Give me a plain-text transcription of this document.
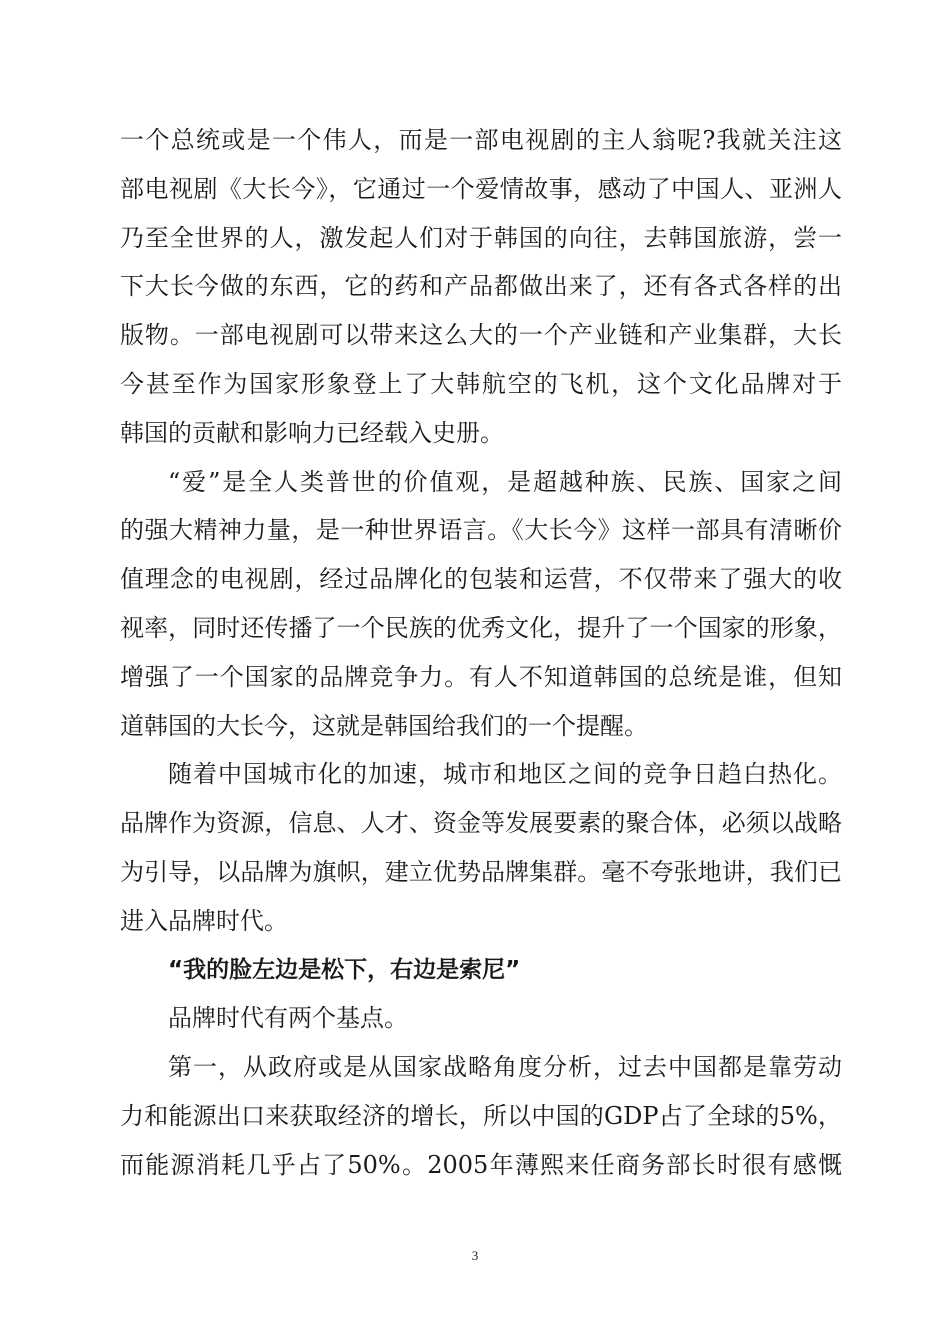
一个总统或是一个伟人，而是一部电视剧的主人翁呢?我就关注这
部电视剧《大长今》，它通过一个爱情故事，感动了中国人、亚洲人
乃至全世界的人，激发起人们对于韩国的向往，去韩国旅游，尝一
下大长今做的东西，它的药和产品都做出来了，还有各式各样的出
版物。一部电视剧可以带来这么大的一个产业链和产业集群，大长
今甚至作为国家形象登上了大韩航空的飞机，这个文化品牌对于
韩国的贡献和影响力已经载入史册。
“爱”是全人类普世的价值观，是超越种族、民族、国家之间
的强大精神力量，是一种世界语言。《大长今》这样一部具有清晰价
值理念的电视剧，经过品牌化的包装和运营，不仅带来了强大的收
视率，同时还传播了一个民族的优秀文化，提升了一个国家的形象，
增强了一个国家的品牌竞争力。有人不知道韩国的总统是谁，但知
道韩国的大长今，这就是韩国给我们的一个提醒。
随着中国城市化的加速，城市和地区之间的竞争日趋白热化。
品牌作为资源，信息、人才、资金等发展要素的聚合体，必须以战略
为引导，以品牌为旗帜，建立优势品牌集群。毫不夸张地讲，我们已
进入品牌时代。
“我的脸左边是松下，右边是索尼”
品牌时代有两个基点。
第一，从政府或是从国家战略角度分析，过去中国都是靠劳动
力和能源出口来获取经济的增长，所以中国的GDP占了全球的5%，
而能源消耗几乎占了50%。2005年薄熙来任商务部长时很有感慨
3
